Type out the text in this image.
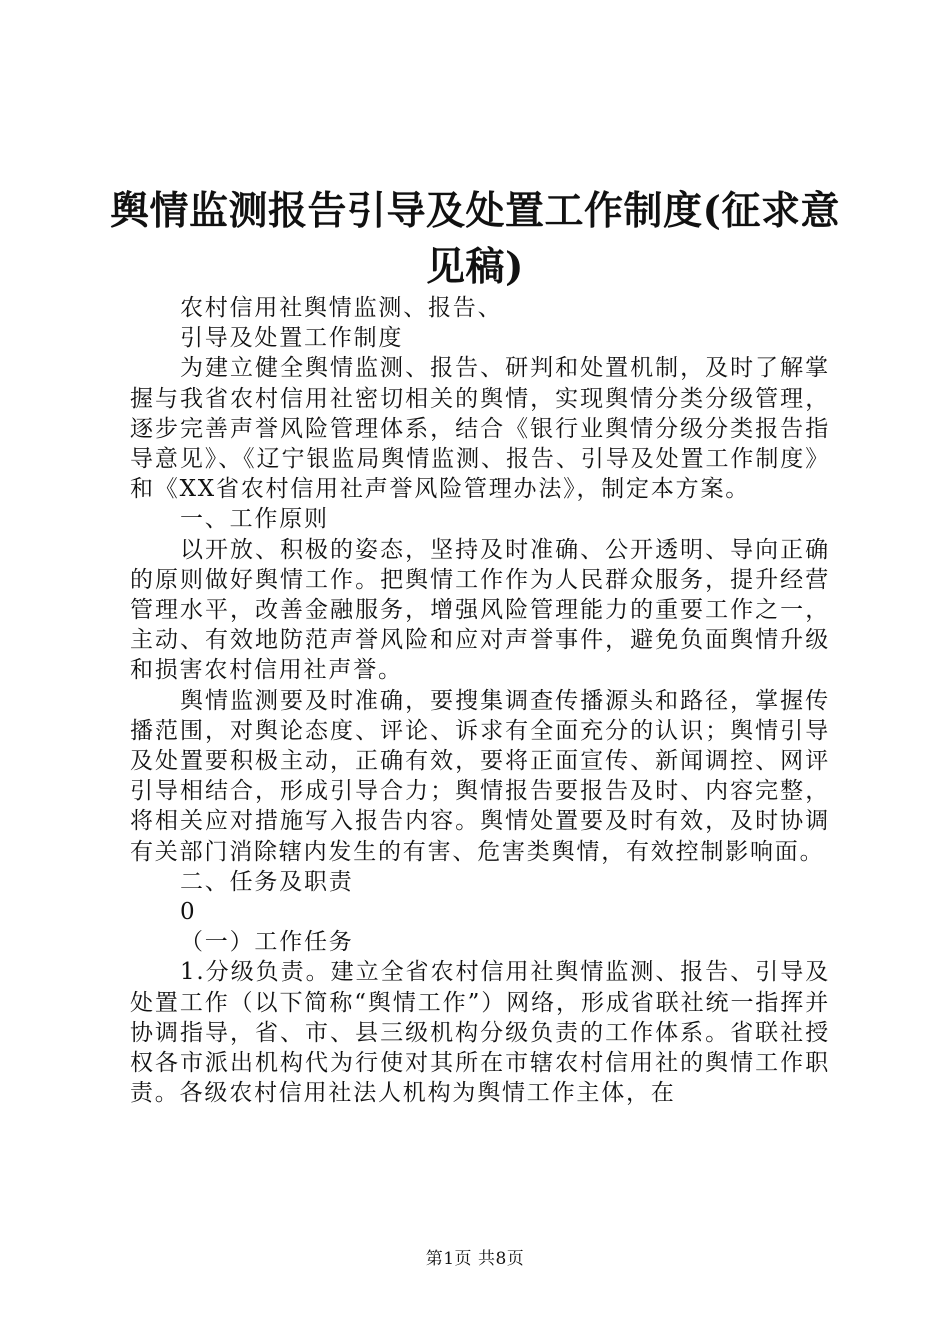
舆情监测报告引导及处置工作制度(征求意见稿)

农村信用社舆情监测、报告、

引导及处置工作制度

为建立健全舆情监测、报告、研判和处置机制，及时了解掌握与我省农村信用社密切相关的舆情，实现舆情分类分级管理，逐步完善声誉风险管理体系，结合《银行业舆情分级分类报告指导意见》、《辽宁银监局舆情监测、报告、引导及处置工作制度》和《XX省农村信用社声誉风险管理办法》，制定本方案。

一、工作原则

以开放、积极的姿态，坚持及时准确、公开透明、导向正确的原则做好舆情工作。把舆情工作作为人民群众服务，提升经营管理水平，改善金融服务，增强风险管理能力的重要工作之一，主动、有效地防范声誉风险和应对声誉事件，避免负面舆情升级和损害农村信用社声誉。

舆情监测要及时准确，要搜集调查传播源头和路径，掌握传播范围，对舆论态度、评论、诉求有全面充分的认识；舆情引导及处置要积极主动，正确有效，要将正面宣传、新闻调控、网评引导相结合，形成引导合力；舆情报告要报告及时、内容完整，将相关应对措施写入报告内容。舆情处置要及时有效，及时协调有关部门消除辖内发生的有害、危害类舆情，有效控制影响面。

二、任务及职责

0

（一）工作任务

1.分级负责。建立全省农村信用社舆情监测、报告、引导及处置工作（以下简称“舆情工作”）网络，形成省联社统一指挥并协调指导，省、市、县三级机构分级负责的工作体系。省联社授权各市派出机构代为行使对其所在市辖农村信用社的舆情工作职责。各级农村信用社法人机构为舆情工作主体，在

第1页 共8页
